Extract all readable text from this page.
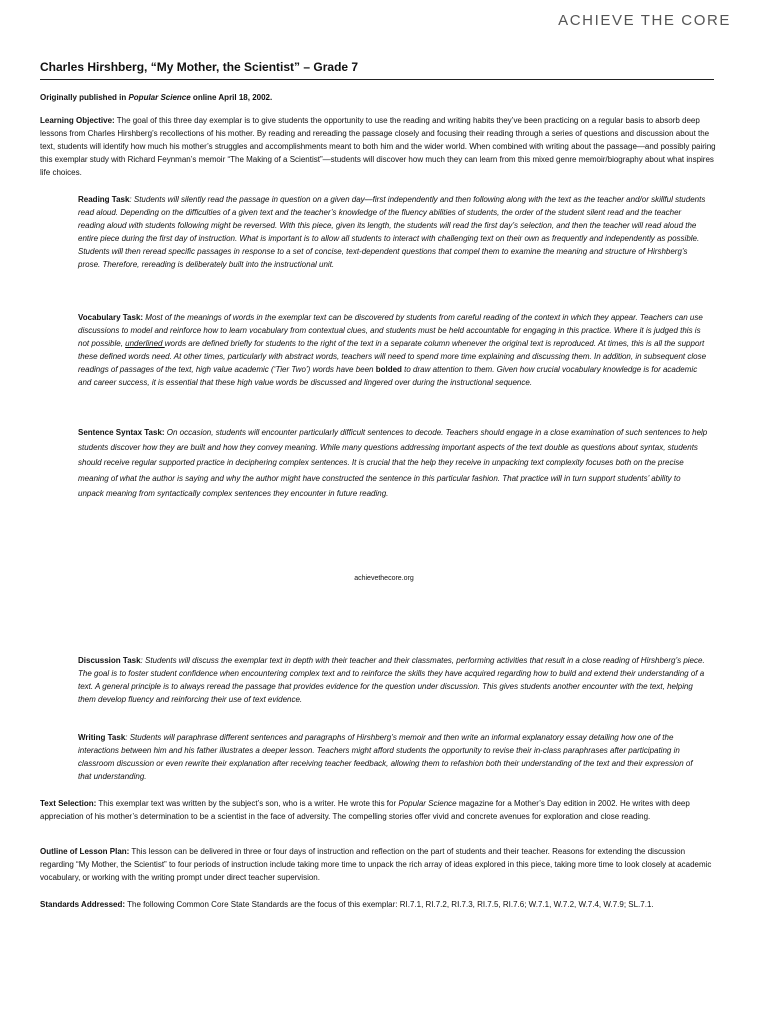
ACHIEVE THE CORE
Charles Hirshberg, “My Mother, the Scientist” – Grade 7
Originally published in Popular Science online April 18, 2002.

Learning Objective: The goal of this three day exemplar is to give students the opportunity to use the reading and writing habits they’ve been practicing on a regular basis to absorb deep lessons from Charles Hirshberg’s recollections of his mother. By reading and rereading the passage closely and focusing their reading through a series of questions and discussion about the text, students will identify how much his mother’s struggles and accomplishments meant to both him and the wider world. When combined with writing about the passage—and possibly pairing this exemplar study with Richard Feynman’s memoir “The Making of a Scientist”—students will discover how much they can learn from this mixed genre memoir/biography about what inspires life choices.

Reading Task: Students will silently read the passage in question on a given day—first independently and then following along with the text as the teacher and/or skillful students read aloud. Depending on the difficulties of a given text and the teacher’s knowledge of the fluency abilities of students, the order of the student silent read and the teacher reading aloud with students following might be reversed. With this piece, given its length, the students will read the first day’s selection, and then the teacher will read aloud the entire piece during the first day of instruction. What is important is to allow all students to interact with challenging text on their own as frequently and independently as possible. Students will then reread specific passages in response to a set of concise, text-dependent questions that compel them to examine the meaning and structure of Hirshberg’s prose. Therefore, rereading is deliberately built into the instructional unit.

Vocabulary Task: Most of the meanings of words in the exemplar text can be discovered by students from careful reading of the context in which they appear. Teachers can use discussions to model and reinforce how to learn vocabulary from contextual clues, and students must be held accountable for engaging in this practice. Where it is judged this is not possible, underlined words are defined briefly for students to the right of the text in a separate column whenever the original text is reproduced. At times, this is all the support these defined words need. At other times, particularly with abstract words, teachers will need to spend more time explaining and discussing them. In addition, in subsequent close readings of passages of the text, high value academic (‘Tier Two’) words have been bolded to draw attention to them. Given how crucial vocabulary knowledge is for academic and career success, it is essential that these high value words be discussed and lingered over during the instructional sequence.

Sentence Syntax Task: On occasion, students will encounter particularly difficult sentences to decode. Teachers should engage in a close examination of such sentences to help students discover how they are built and how they convey meaning. While many questions addressing important aspects of the text double as questions about syntax, students should receive regular supported practice in deciphering complex sentences. It is crucial that the help they receive in unpacking text complexity focuses both on the precise meaning of what the author is saying and why the author might have constructed the sentence in this particular fashion. That practice will in turn support students’ ability to unpack meaning from syntactically complex sentences they encounter in future reading.

achievethecore.org

Discussion Task: Students will discuss the exemplar text in depth with their teacher and their classmates, performing activities that result in a close reading of Hirshberg’s piece. The goal is to foster student confidence when encountering complex text and to reinforce the skills they have acquired regarding how to build and extend their understanding of a text. A general principle is to always reread the passage that provides evidence for the question under discussion. This gives students another encounter with the text, helping them develop fluency and reinforcing their use of text evidence.

Writing Task: Students will paraphrase different sentences and paragraphs of Hirshberg’s memoir and then write an informal explanatory essay detailing how one of the interactions between him and his father illustrates a deeper lesson. Teachers might afford students the opportunity to revise their in-class paraphrases after participating in classroom discussion or even rewrite their explanation after receiving teacher feedback, allowing them to refashion both their understanding of the text and their expression of that understanding.

Text Selection: This exemplar text was written by the subject’s son, who is a writer. He wrote this for Popular Science magazine for a Mother’s Day edition in 2002. He writes with deep appreciation of his mother’s determination to be a scientist in the face of adversity. The compelling stories offer vivid and concrete avenues for exploration and close reading.

Outline of Lesson Plan: This lesson can be delivered in three or four days of instruction and reflection on the part of students and their teacher. Reasons for extending the discussion regarding “My Mother, the Scientist” to four periods of instruction include taking more time to unpack the rich array of ideas explored in this piece, taking more time to look closely at academic vocabulary, or working with the writing prompt under direct teacher supervision.

Standards Addressed: The following Common Core State Standards are the focus of this exemplar: RI.7.1, RI.7.2, RI.7.3, RI.7.5, RI.7.6; W.7.1, W.7.2, W.7.4, W.7.9; SL.7.1.
